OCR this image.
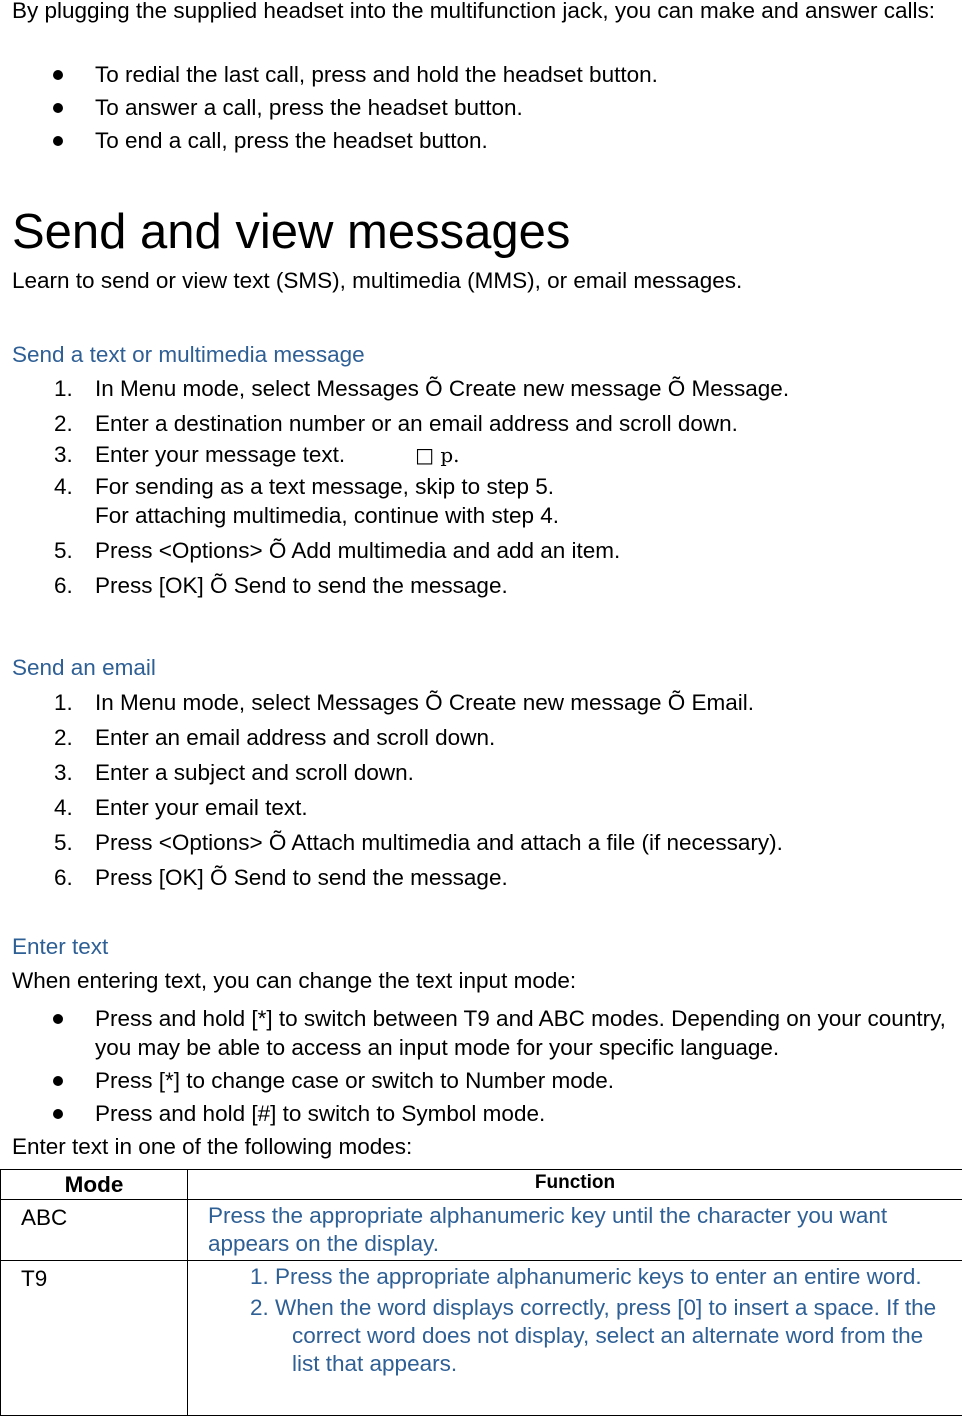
By plugging the supplied headset into the multifunction jack, you can make and answer calls:

To redial the last call, press and hold the headset button.
To answer a call, press the headset button.
To end a call, press the headset button.
Send and view messages

Learn to send or view text (SMS), multimedia (MMS), or email messages.

Send a text or multimedia message
1. In Menu mode, select Messages Õ Create new message Õ Message.
2. Enter a destination number or an email address and scroll down.
3. Enter your message text.	□ p.
4. For sending as a text message, skip to step 5.
For attaching multimedia, continue with step 4.
5. Press <Options> Õ Add multimedia and add an item.
6. Press [OK] Õ Send to send the message.
Send an email
1. In Menu mode, select Messages Õ Create new message Õ Email.
2. Enter an email address and scroll down.
3. Enter a subject and scroll down.
4. Enter your email text.
5. Press <Options> Õ Attach multimedia and attach a file (if necessary).
6. Press [OK] Õ Send to send the message.
Enter text

When entering text, you can change the text input mode:

Press and hold [*] to switch between T9 and ABC modes. Depending on your country, you may be able to access an input mode for your specific language.
Press [*] to change case or switch to Number mode.
Press and hold [#] to switch to Symbol mode.

Enter text in one of the following modes:

Mode	Function
ABC	Press the appropriate alphanumeric key until the character you want appears on the display.
T9	1. Press the appropriate alphanumeric keys to enter an entire word.
2. When the word displays correctly, press [0] to insert a space. If the correct word does not display, select an alternate word from the list that appears.
